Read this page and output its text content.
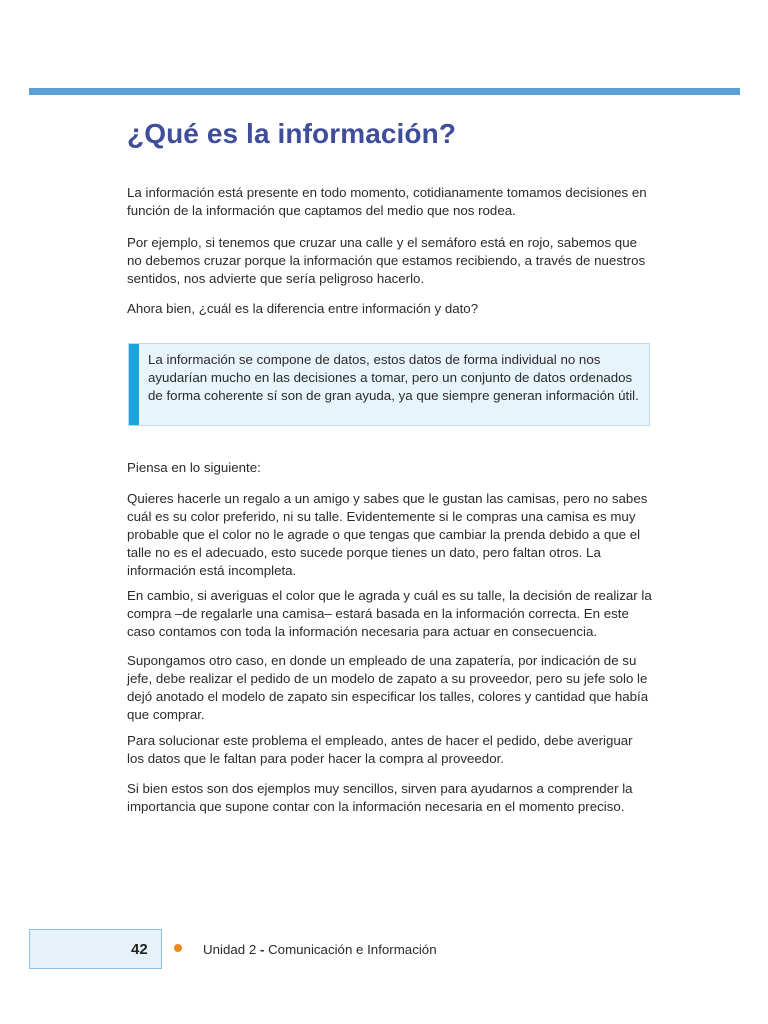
¿Qué es la información?

La información está presente en todo momento, cotidianamente tomamos decisiones en función de la información que captamos del medio que nos rodea.

Por ejemplo, si tenemos que cruzar una calle y el semáforo está en rojo, sabemos que no debemos cruzar porque la información que estamos recibiendo, a través de nuestros sentidos, nos advierte que sería peligroso hacerlo.

Ahora bien, ¿cuál es la diferencia entre información y dato?

La información se compone de datos, estos datos de forma individual no nos ayudarían mucho en las decisiones a tomar, pero un conjunto de datos ordenados de forma coherente sí son de gran ayuda, ya que siempre generan información útil.

Piensa en lo siguiente:

Quieres hacerle un regalo a un amigo y sabes que le gustan las camisas, pero no sabes cuál es su color preferido, ni su talle. Evidentemente si le compras una camisa es muy probable que el color no le agrade o que tengas que cambiar la prenda debido a que el talle no es el adecuado, esto sucede porque tienes un dato, pero faltan otros. La información está incompleta.

En cambio, si averiguas el color que le agrada y cuál es su talle, la decisión de realizar la compra –de regalarle una camisa– estará basada en la información correcta. En este caso contamos con toda la información necesaria para actuar en consecuencia.

Supongamos otro caso, en donde un empleado de una zapatería, por indicación de su jefe, debe realizar el pedido de un modelo de zapato a su proveedor, pero su jefe solo le dejó anotado el modelo de zapato sin especificar los talles, colores y cantidad que había que comprar.

Para solucionar este problema el empleado, antes de hacer el pedido, debe averiguar los datos que le faltan para poder hacer la compra al proveedor.

Si bien estos son dos ejemplos muy sencillos, sirven para ayudarnos a comprender la importancia que supone contar con la información necesaria en el momento preciso.

42	Unidad 2 - Comunicación e Información
